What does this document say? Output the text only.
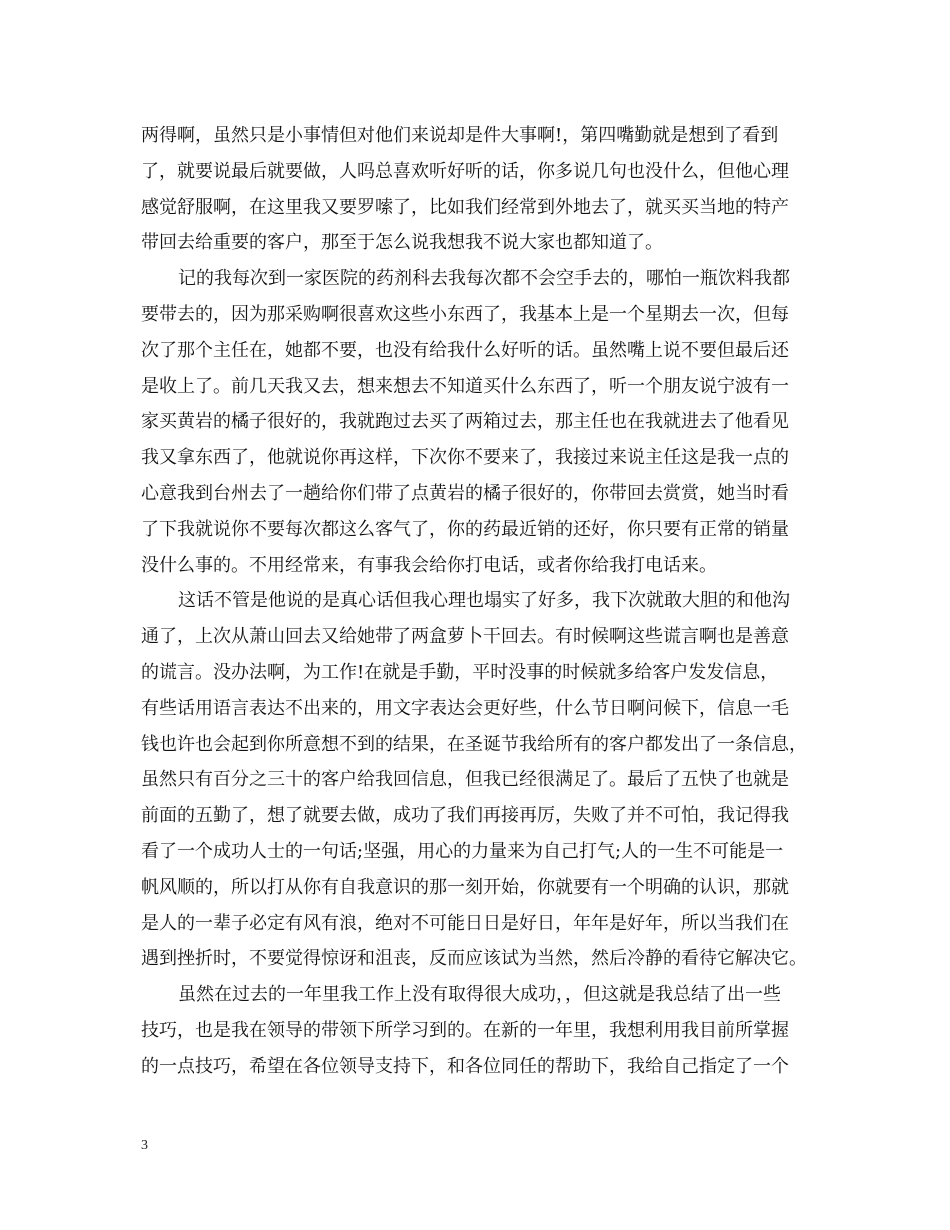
两得啊，虽然只是小事情但对他们来说却是件大事啊!，第四嘴勤就是想到了看到
了，就要说最后就要做，人吗总喜欢听好听的话，你多说几句也没什么，但他心理
感觉舒服啊，在这里我又要罗嗦了，比如我们经常到外地去了，就买买当地的特产
带回去给重要的客户，那至于怎么说我想我不说大家也都知道了。
记的我每次到一家医院的药剂科去我每次都不会空手去的，哪怕一瓶饮料我都
要带去的，因为那采购啊很喜欢这些小东西了，我基本上是一个星期去一次，但每
次了那个主任在，她都不要，也没有给我什么好听的话。虽然嘴上说不要但最后还
是收上了。前几天我又去，想来想去不知道买什么东西了，听一个朋友说宁波有一
家买黄岩的橘子很好的，我就跑过去买了两箱过去，那主任也在我就进去了他看见
我又拿东西了，他就说你再这样，下次你不要来了，我接过来说主任这是我一点的
心意我到台州去了一趟给你们带了点黄岩的橘子很好的，你带回去赏赏，她当时看
了下我就说你不要每次都这么客气了，你的药最近销的还好，你只要有正常的销量
没什么事的。不用经常来，有事我会给你打电话，或者你给我打电话来。
这话不管是他说的是真心话但我心理也塌实了好多，我下次就敢大胆的和他沟
通了，上次从萧山回去又给她带了两盒萝卜干回去。有时候啊这些谎言啊也是善意
的谎言。没办法啊，为工作!在就是手勤，平时没事的时候就多给客户发发信息，
有些话用语言表达不出来的，用文字表达会更好些，什么节日啊问候下，信息一毛
钱也许也会起到你所意想不到的结果，在圣诞节我给所有的客户都发出了一条信息，
虽然只有百分之三十的客户给我回信息，但我已经很满足了。最后了五快了也就是
前面的五勤了，想了就要去做，成功了我们再接再厉，失败了并不可怕，我记得我
看了一个成功人士的一句话;坚强，用心的力量来为自己打气;人的一生不可能是一
帆风顺的，所以打从你有自我意识的那一刻开始，你就要有一个明确的认识，那就
是人的一辈子必定有风有浪，绝对不可能日日是好日，年年是好年，所以当我们在
遇到挫折时，不要觉得惊讶和沮丧，反而应该试为当然，然后冷静的看待它解决它。
虽然在过去的一年里我工作上没有取得很大成功，，但这就是我总结了出一些
技巧，也是我在领导的带领下所学习到的。在新的一年里，我想利用我目前所掌握
的一点技巧，希望在各位领导支持下，和各位同任的帮助下，我给自己指定了一个
3
